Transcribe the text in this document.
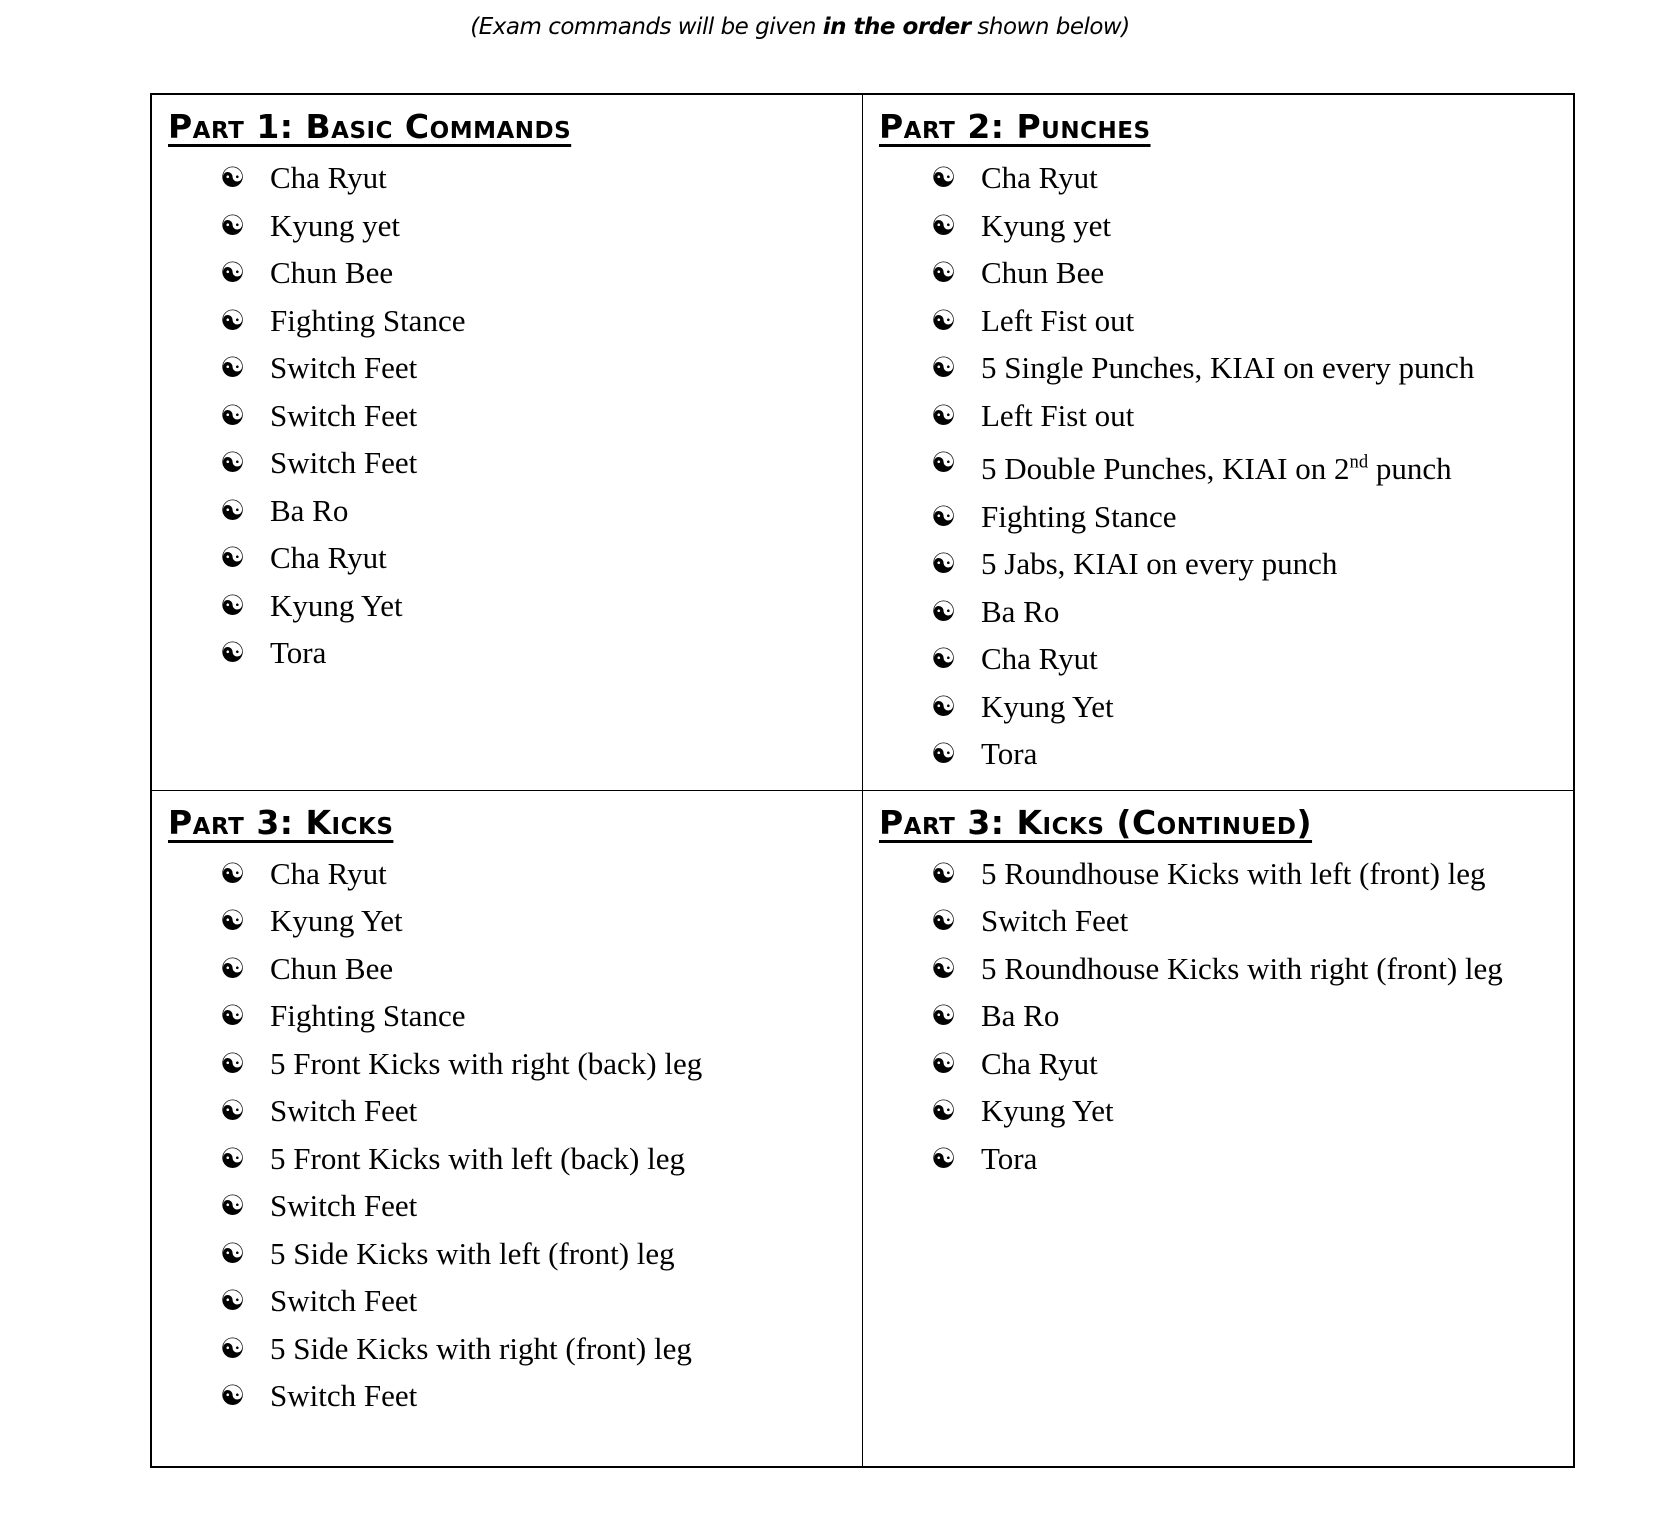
(Exam commands will be given in the order shown below)
Part 1: Basic Commands
☯ Cha Ryut
☯ Kyung yet
☯ Chun Bee
☯ Fighting Stance
☯ Switch Feet
☯ Switch Feet
☯ Switch Feet
☯ Ba Ro
☯ Cha Ryut
☯ Kyung Yet
☯ Tora

Part 2: Punches
☯ Cha Ryut
☯ Kyung yet
☯ Chun Bee
☯ Left Fist out
☯ 5 Single Punches, KIAI on every punch
☯ Left Fist out
☯ 5 Double Punches, KIAI on 2nd punch
☯ Fighting Stance
☯ 5 Jabs, KIAI on every punch
☯ Ba Ro
☯ Cha Ryut
☯ Kyung Yet
☯ Tora

Part 3: Kicks
☯ Cha Ryut
☯ Kyung Yet
☯ Chun Bee
☯ Fighting Stance
☯ 5 Front Kicks with right (back) leg
☯ Switch Feet
☯ 5 Front Kicks with left (back) leg
☯ Switch Feet
☯ 5 Side Kicks with left (front) leg
☯ Switch Feet
☯ 5 Side Kicks with right (front) leg
☯ Switch Feet

Part 3: Kicks (Continued)
☯ 5 Roundhouse Kicks with left (front) leg
☯ Switch Feet
☯ 5 Roundhouse Kicks with right (front) leg
☯ Ba Ro
☯ Cha Ryut
☯ Kyung Yet
☯ Tora
